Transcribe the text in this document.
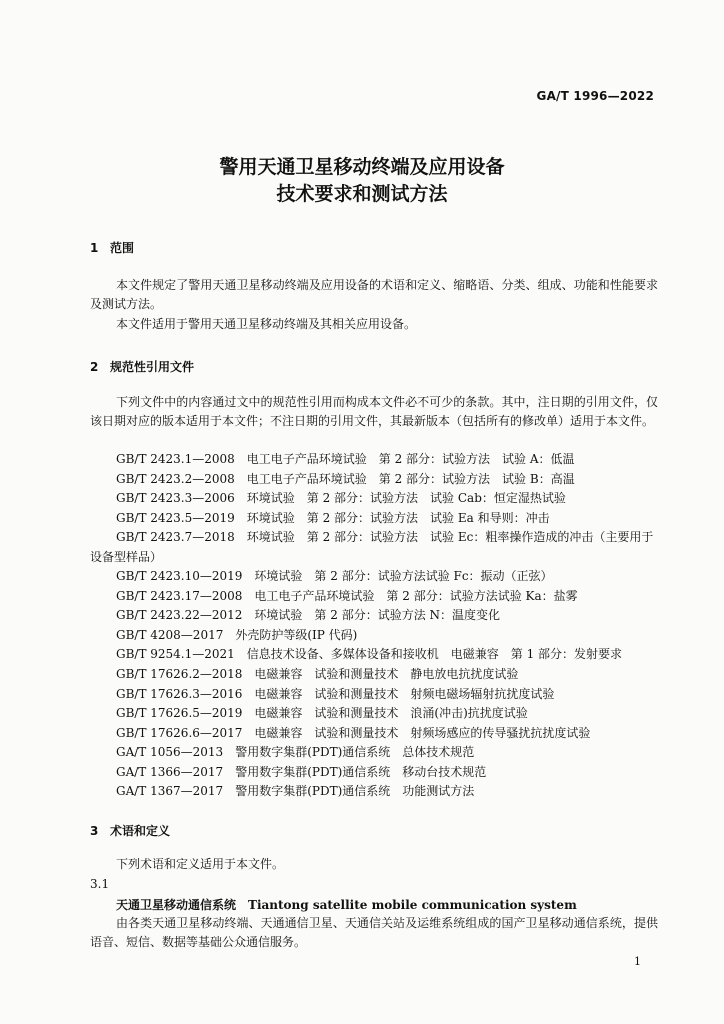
GA/T 1996—2022
警用天通卫星移动终端及应用设备
技术要求和测试方法
1 范围
本文件规定了警用天通卫星移动终端及应用设备的术语和定义、缩略语、分类、组成、功能和性能要求及测试方法。
本文件适用于警用天通卫星移动终端及其相关应用设备。
2 规范性引用文件
下列文件中的内容通过文中的规范性引用而构成本文件必不可少的条款。其中，注日期的引用文件，仅该日期对应的版本适用于本文件；不注日期的引用文件，其最新版本（包括所有的修改单）适用于本文件。
GB/T 2423.1—2008　电工电子产品环境试验　第 2 部分：试验方法　试验 A：低温
GB/T 2423.2—2008　电工电子产品环境试验　第 2 部分：试验方法　试验 B：高温
GB/T 2423.3—2006　环境试验　第 2 部分：试验方法　试验 Cab：恒定湿热试验
GB/T 2423.5—2019　环境试验　第 2 部分：试验方法　试验 Ea 和导则：冲击
GB/T 2423.7—2018　环境试验　第 2 部分：试验方法　试验 Ec：粗率操作造成的冲击（主要用于设备型样品）
GB/T 2423.10—2019　环境试验　第 2 部分：试验方法试验 Fc：振动（正弦）
GB/T 2423.17—2008　电工电子产品环境试验　第 2 部分：试验方法试验 Ka：盐雾
GB/T 2423.22—2012　环境试验　第 2 部分：试验方法 N：温度变化
GB/T 4208—2017　外壳防护等级(IP 代码)
GB/T 9254.1—2021　信息技术设备、多媒体设备和接收机　电磁兼容　第 1 部分：发射要求
GB/T 17626.2—2018　电磁兼容　试验和测量技术　静电放电抗扰度试验
GB/T 17626.3—2016　电磁兼容　试验和测量技术　射频电磁场辐射抗扰度试验
GB/T 17626.5—2019　电磁兼容　试验和测量技术　浪涌(冲击)抗扰度试验
GB/T 17626.6—2017　电磁兼容　试验和测量技术　射频场感应的传导骚扰抗扰度试验
GA/T 1056—2013　警用数字集群(PDT)通信系统　总体技术规范
GA/T 1366—2017　警用数字集群(PDT)通信系统　移动台技术规范
GA/T 1367—2017　警用数字集群(PDT)通信系统　功能测试方法
3 术语和定义
下列术语和定义适用于本文件。
3.1
天通卫星移动通信系统 Tiantong satellite mobile communication system
由各类天通卫星移动终端、天通通信卫星、天通信关站及运维系统组成的国产卫星移动通信系统，提供语音、短信、数据等基础公众通信服务。
1
